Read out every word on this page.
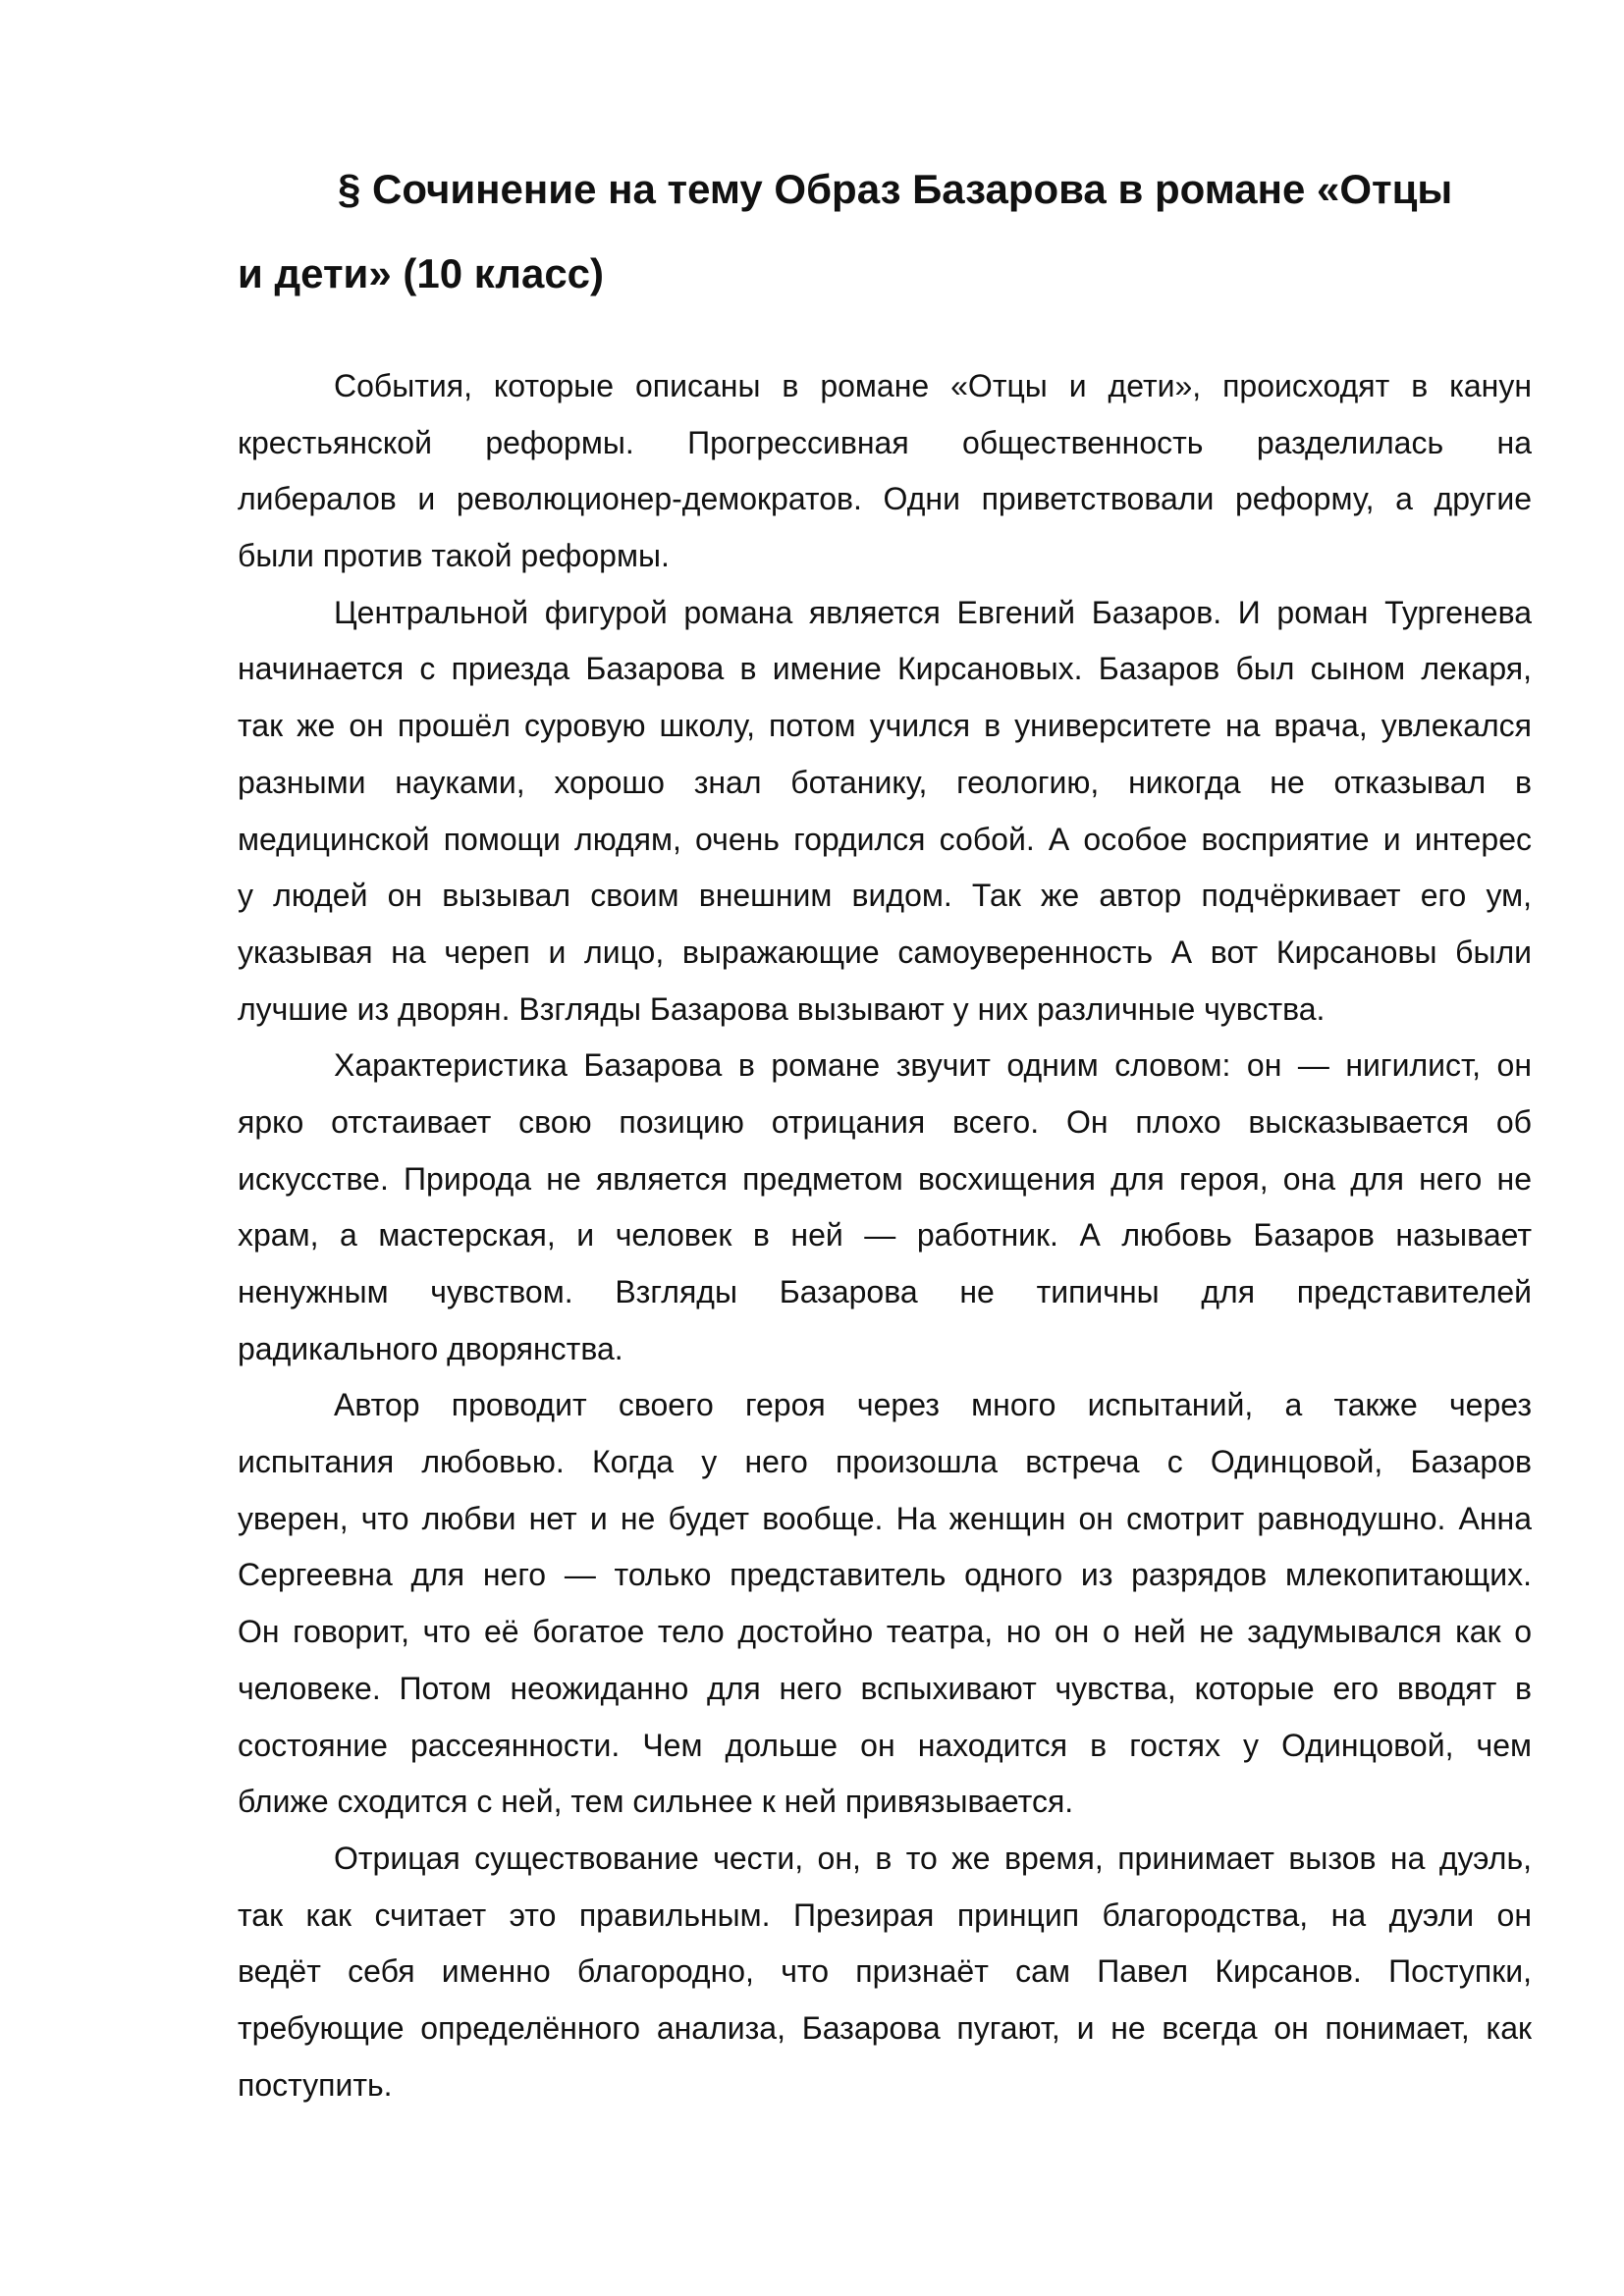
§ Сочинение на тему Образ Базарова в романе «Отцы
и дети» (10 класс)
События, которые описаны в романе «Отцы и дети», происходят в канун
крестьянской реформы. Прогрессивная общественность разделилась на
либералов и революционер-демократов. Одни приветствовали реформу, а другие
были против такой реформы.
Центральной фигурой романа является Евгений Базаров. И роман Тургенева
начинается с приезда Базарова в имение Кирсановых. Базаров был сыном лекаря,
так же он прошёл суровую школу, потом учился в университете на врача, увлекался
разными науками, хорошо знал ботанику, геологию, никогда не отказывал в
медицинской помощи людям, очень гордился собой. А особое восприятие и интерес
у людей он вызывал своим внешним видом. Так же автор подчёркивает его ум,
указывая на череп и лицо, выражающие самоуверенность А вот Кирсановы были
лучшие из дворян. Взгляды Базарова вызывают у них различные чувства.
Характеристика Базарова в романе звучит одним словом: он — нигилист, он
ярко отстаивает свою позицию отрицания всего. Он плохо высказывается об
искусстве. Природа не является предметом восхищения для героя, она для него не
храм, а мастерская, и человек в ней — работник. А любовь Базаров называет
ненужным чувством. Взгляды Базарова не типичны для представителей
радикального дворянства.
Автор проводит своего героя через много испытаний, а также через
испытания любовью. Когда у него произошла встреча с Одинцовой, Базаров
уверен, что любви нет и не будет вообще. На женщин он смотрит равнодушно. Анна
Сергеевна для него — только представитель одного из разрядов млекопитающих.
Он говорит, что её богатое тело достойно театра, но он о ней не задумывался как о
человеке. Потом неожиданно для него вспыхивают чувства, которые его вводят в
состояние рассеянности. Чем дольше он находится в гостях у Одинцовой, чем
ближе сходится с ней, тем сильнее к ней привязывается.
Отрицая существование чести, он, в то же время, принимает вызов на дуэль,
так как считает это правильным. Презирая принцип благородства, на дуэли он
ведёт себя именно благородно, что признаёт сам Павел Кирсанов. Поступки,
требующие определённого анализа, Базарова пугают, и не всегда он понимает, как
поступить.
